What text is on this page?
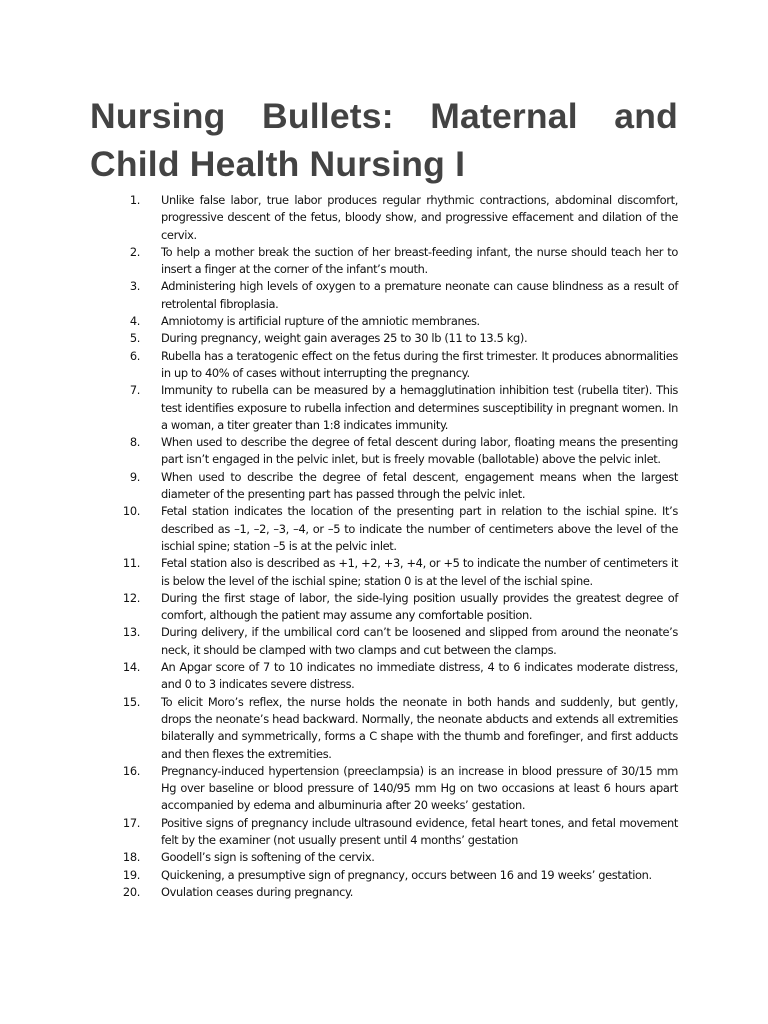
Nursing Bullets: Maternal and Child Health Nursing I
1.	Unlike false labor, true labor produces regular rhythmic contractions, abdominal discomfort, progressive descent of the fetus, bloody show, and progressive effacement and dilation of the cervix.
2.	To help a mother break the suction of her breast-feeding infant, the nurse should teach her to insert a finger at the corner of the infant’s mouth.
3.	Administering high levels of oxygen to a premature neonate can cause blindness as a result of retrolental fibroplasia.
4.	Amniotomy is artificial rupture of the amniotic membranes.
5.	During pregnancy, weight gain averages 25 to 30 lb (11 to 13.5 kg).
6.	Rubella has a teratogenic effect on the fetus during the first trimester. It produces abnormalities in up to 40% of cases without interrupting the pregnancy.
7.	Immunity to rubella can be measured by a hemagglutination inhibition test (rubella titer). This test identifies exposure to rubella infection and determines susceptibility in pregnant women. In a woman, a titer greater than 1:8 indicates immunity.
8.	When used to describe the degree of fetal descent during labor, floating means the presenting part isn’t engaged in the pelvic inlet, but is freely movable (ballotable) above the pelvic inlet.
9.	When used to describe the degree of fetal descent, engagement means when the largest diameter of the presenting part has passed through the pelvic inlet.
10.	Fetal station indicates the location of the presenting part in relation to the ischial spine. It’s described as –1, –2, –3, –4, or –5 to indicate the number of centimeters above the level of the ischial spine; station –5 is at the pelvic inlet.
11.	Fetal station also is described as +1, +2, +3, +4, or +5 to indicate the number of centimeters it is below the level of the ischial spine; station 0 is at the level of the ischial spine.
12.	During the first stage of labor, the side-lying position usually provides the greatest degree of comfort, although the patient may assume any comfortable position.
13.	During delivery, if the umbilical cord can’t be loosened and slipped from around the neonate’s neck, it should be clamped with two clamps and cut between the clamps.
14.	An Apgar score of 7 to 10 indicates no immediate distress, 4 to 6 indicates moderate distress, and 0 to 3 indicates severe distress.
15.	To elicit Moro’s reflex, the nurse holds the neonate in both hands and suddenly, but gently, drops the neonate’s head backward. Normally, the neonate abducts and extends all extremities bilaterally and symmetrically, forms a C shape with the thumb and forefinger, and first adducts and then flexes the extremities.
16.	Pregnancy-induced hypertension (preeclampsia) is an increase in blood pressure of 30/15 mm Hg over baseline or blood pressure of 140/95 mm Hg on two occasions at least 6 hours apart accompanied by edema and albuminuria after 20 weeks’ gestation.
17.	Positive signs of pregnancy include ultrasound evidence, fetal heart tones, and fetal movement felt by the examiner (not usually present until 4 months’ gestation
18.	Goodell’s sign is softening of the cervix.
19.	Quickening, a presumptive sign of pregnancy, occurs between 16 and 19 weeks’ gestation.
20.	Ovulation ceases during pregnancy.
